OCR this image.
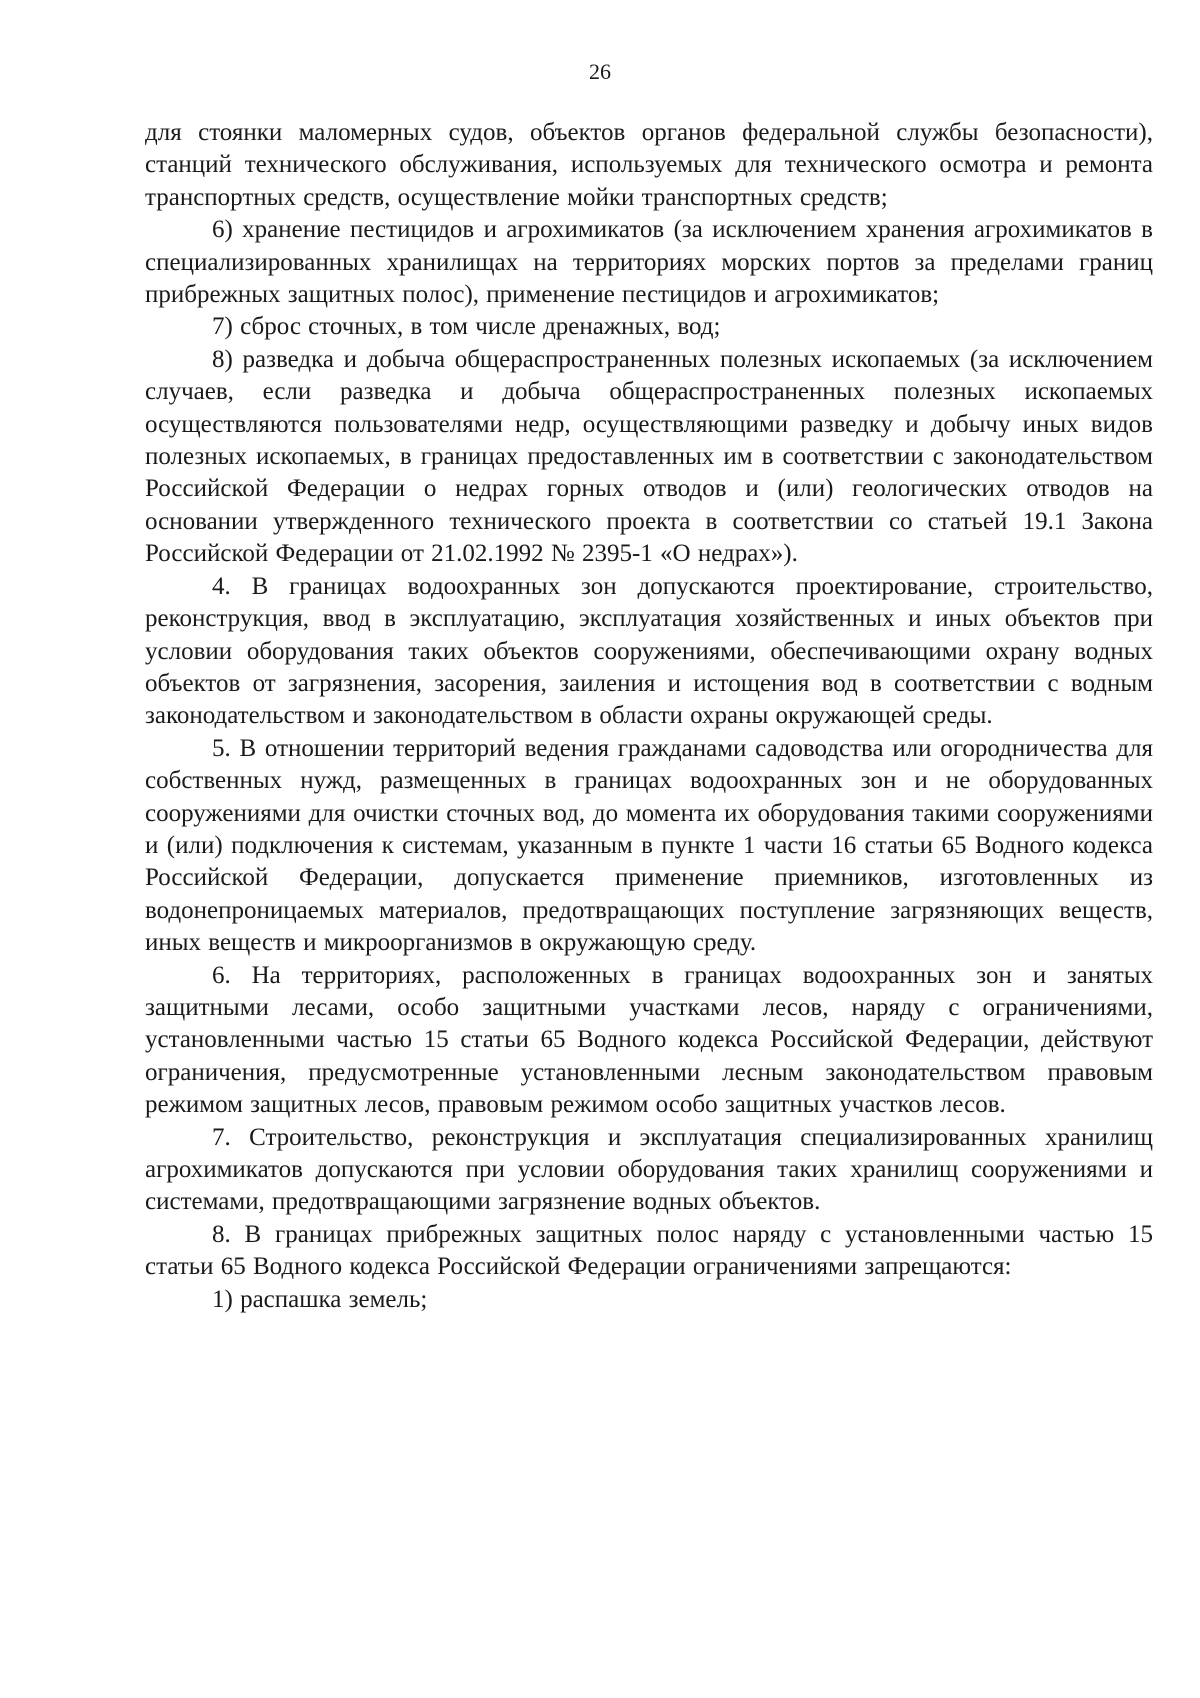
26

для стоянки маломерных судов, объектов органов федеральной службы безопасности), станций технического обслуживания, используемых для технического осмотра и ремонта транспортных средств, осуществление мойки транспортных средств;

6) хранение пестицидов и агрохимикатов (за исключением хранения агрохимикатов в специализированных хранилищах на территориях морских портов за пределами границ прибрежных защитных полос), применение пестицидов и агрохимикатов;

7) сброс сточных, в том числе дренажных, вод;

8) разведка и добыча общераспространенных полезных ископаемых (за исключением случаев, если разведка и добыча общераспространенных полезных ископаемых осуществляются пользователями недр, осуществляющими разведку и добычу иных видов полезных ископаемых, в границах предоставленных им в соответствии с законодательством Российской Федерации о недрах горных отводов и (или) геологических отводов на основании утвержденного технического проекта в соответствии со статьей 19.1 Закона Российской Федерации от 21.02.1992 № 2395-1 «О недрах»).

4. В границах водоохранных зон допускаются проектирование, строительство, реконструкция, ввод в эксплуатацию, эксплуатация хозяйственных и иных объектов при условии оборудования таких объектов сооружениями, обеспечивающими охрану водных объектов от загрязнения, засорения, заиления и истощения вод в соответствии с водным законодательством и законодательством в области охраны окружающей среды.

5. В отношении территорий ведения гражданами садоводства или огородничества для собственных нужд, размещенных в границах водоохранных зон и не оборудованных сооружениями для очистки сточных вод, до момента их оборудования такими сооружениями и (или) подключения к системам, указанным в пункте 1 части 16 статьи 65 Водного кодекса Российской Федерации, допускается применение приемников, изготовленных из водонепроницаемых материалов, предотвращающих поступление загрязняющих веществ, иных веществ и микроорганизмов в окружающую среду.

6. На территориях, расположенных в границах водоохранных зон и занятых защитными лесами, особо защитными участками лесов, наряду с ограничениями, установленными частью 15 статьи 65 Водного кодекса Российской Федерации, действуют ограничения, предусмотренные установленными лесным законодательством правовым режимом защитных лесов, правовым режимом особо защитных участков лесов.

7. Строительство, реконструкция и эксплуатация специализированных хранилищ агрохимикатов допускаются при условии оборудования таких хранилищ сооружениями и системами, предотвращающими загрязнение водных объектов.

8. В границах прибрежных защитных полос наряду с установленными частью 15 статьи 65 Водного кодекса Российской Федерации ограничениями запрещаются:

1) распашка земель;
